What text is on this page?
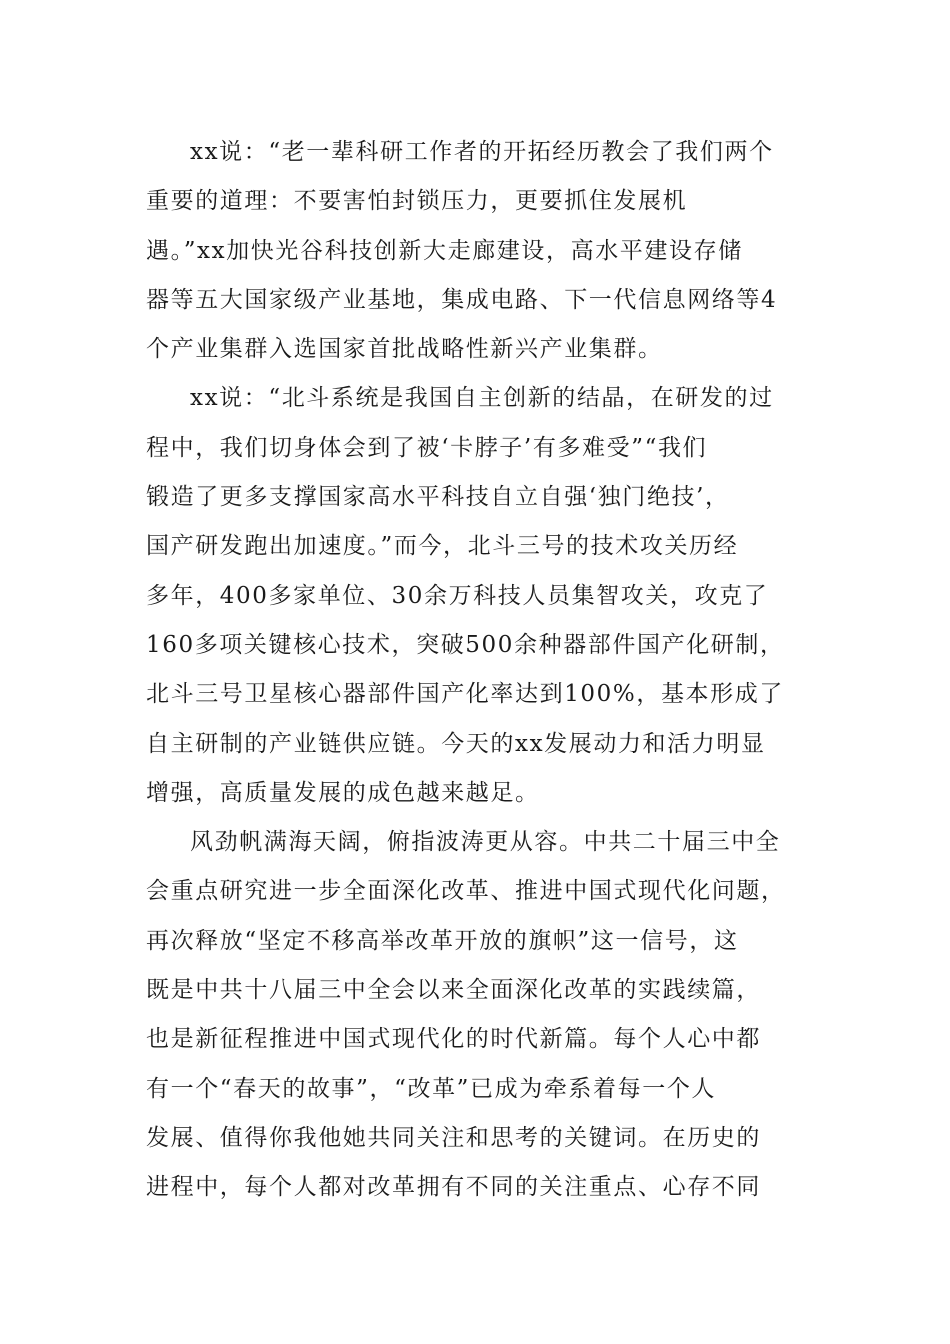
xx说：“老一辈科研工作者的开拓经历教会了我们两个
重要的道理：不要害怕封锁压力，更要抓住发展机
遇。”xx加快光谷科技创新大走廊建设，高水平建设存储
器等五大国家级产业基地，集成电路、下一代信息网络等4
个产业集群入选国家首批战略性新兴产业集群。
xx说：“北斗系统是我国自主创新的结晶，在研发的过
程中，我们切身体会到了被‘卡脖子’有多难受”“我们
锻造了更多支撑国家高水平科技自立自强‘独门绝技’，
国产研发跑出加速度。”而今，北斗三号的技术攻关历经
多年，400多家单位、30余万科技人员集智攻关，攻克了
160多项关键核心技术，突破500余种器部件国产化研制，
北斗三号卫星核心器部件国产化率达到100%，基本形成了
自主研制的产业链供应链。今天的xx发展动力和活力明显
增强，高质量发展的成色越来越足。
风劲帆满海天阔，俯指波涛更从容。中共二十届三中全
会重点研究进一步全面深化改革、推进中国式现代化问题，
再次释放“坚定不移高举改革开放的旗帜”这一信号，这
既是中共十八届三中全会以来全面深化改革的实践续篇，
也是新征程推进中国式现代化的时代新篇。每个人心中都
有一个“春天的故事”，“改革”已成为牵系着每一个人
发展、值得你我他她共同关注和思考的关键词。在历史的
进程中，每个人都对改革拥有不同的关注重点、心存不同
